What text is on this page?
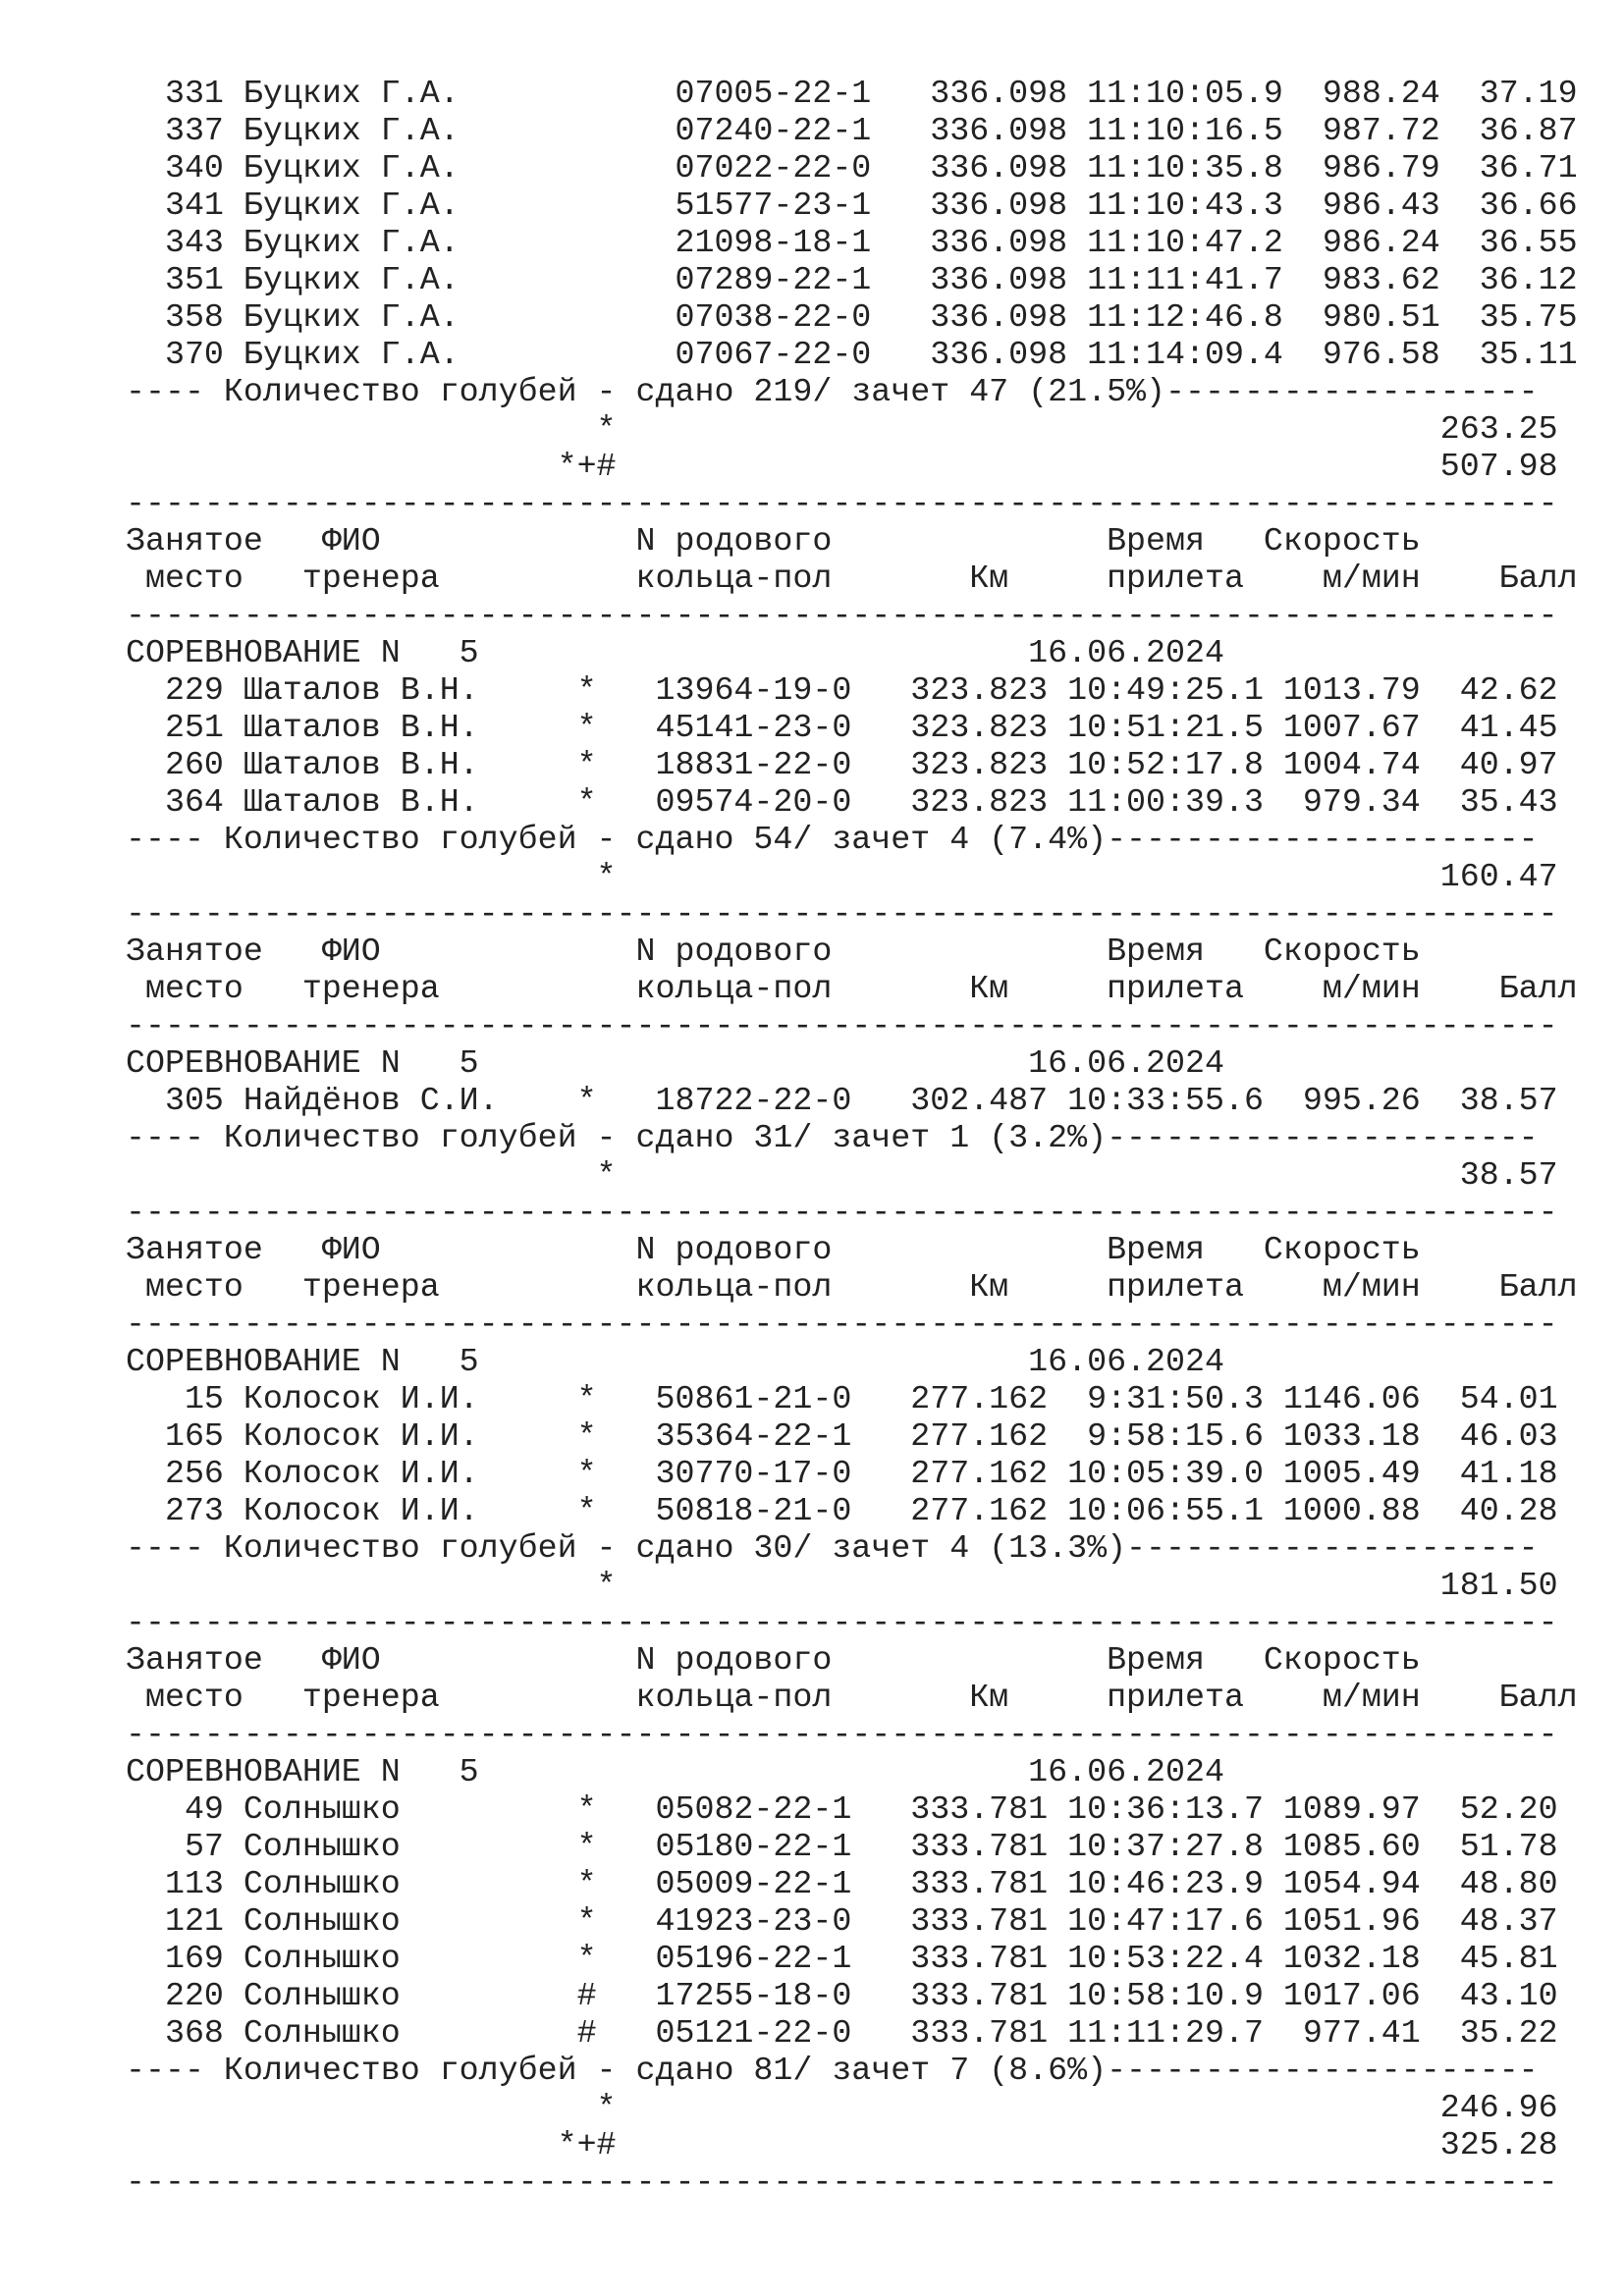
331 Буцких Г.А.           07005-22-1   336.098 11:10:05.9  988.24  37.19
337 Буцких Г.А.           07240-22-1   336.098 11:10:16.5  987.72  36.87
340 Буцких Г.А.           07022-22-0   336.098 11:10:35.8  986.79  36.71
341 Буцких Г.А.           51577-23-1   336.098 11:10:43.3  986.43  36.66
343 Буцких Г.А.           21098-18-1   336.098 11:10:47.2  986.24  36.55
351 Буцких Г.А.           07289-22-1   336.098 11:11:41.7  983.62  36.12
358 Буцких Г.А.           07038-22-0   336.098 11:12:46.8  980.51  35.75
370 Буцких Г.А.           07067-22-0   336.098 11:14:09.4  976.58  35.11
---- Количество голубей - сдано 219/ зачет 47 (21.5%)-------------------
*                                          263.25
*+#                                          507.98
-------------------------------------------------------------------------
Занятое   ФИО             N родового              Время   Скорость
место   тренера          кольца-пол       Км     прилета    м/мин    Балл
-------------------------------------------------------------------------
СОРЕВНОВАНИЕ N   5                            16.06.2024
229 Шаталов В.Н.     *   13964-19-0   323.823 10:49:25.1 1013.79  42.62
251 Шаталов В.Н.     *   45141-23-0   323.823 10:51:21.5 1007.67  41.45
260 Шаталов В.Н.     *   18831-22-0   323.823 10:52:17.8 1004.74  40.97
364 Шаталов В.Н.     *   09574-20-0   323.823 11:00:39.3  979.34  35.43
---- Количество голубей - сдано 54/ зачет 4 (7.4%)----------------------
*                                          160.47
-------------------------------------------------------------------------
Занятое   ФИО             N родового              Время   Скорость
место   тренера          кольца-пол       Км     прилета    м/мин    Балл
-------------------------------------------------------------------------
СОРЕВНОВАНИЕ N   5                            16.06.2024
305 Найдёнов С.И.    *   18722-22-0   302.487 10:33:55.6  995.26  38.57
---- Количество голубей - сдано 31/ зачет 1 (3.2%)----------------------
*                                           38.57
-------------------------------------------------------------------------
Занятое   ФИО             N родового              Время   Скорость
место   тренера          кольца-пол       Км     прилета    м/мин    Балл
-------------------------------------------------------------------------
СОРЕВНОВАНИЕ N   5                            16.06.2024
15 Колосок И.И.     *   50861-21-0   277.162  9:31:50.3 1146.06  54.01
165 Колосок И.И.     *   35364-22-1   277.162  9:58:15.6 1033.18  46.03
256 Колосок И.И.     *   30770-17-0   277.162 10:05:39.0 1005.49  41.18
273 Колосок И.И.     *   50818-21-0   277.162 10:06:55.1 1000.88  40.28
---- Количество голубей - сдано 30/ зачет 4 (13.3%)---------------------
*                                          181.50
-------------------------------------------------------------------------
Занятое   ФИО             N родового              Время   Скорость
место   тренера          кольца-пол       Км     прилета    м/мин    Балл
-------------------------------------------------------------------------
СОРЕВНОВАНИЕ N   5                            16.06.2024
49 Солнышко         *   05082-22-1   333.781 10:36:13.7 1089.97  52.20
57 Солнышко         *   05180-22-1   333.781 10:37:27.8 1085.60  51.78
113 Солнышко         *   05009-22-1   333.781 10:46:23.9 1054.94  48.80
121 Солнышко         *   41923-23-0   333.781 10:47:17.6 1051.96  48.37
169 Солнышко         *   05196-22-1   333.781 10:53:22.4 1032.18  45.81
220 Солнышко         #   17255-18-0   333.781 10:58:10.9 1017.06  43.10
368 Солнышко         #   05121-22-0   333.781 11:11:29.7  977.41  35.22
---- Количество голубей - сдано 81/ зачет 7 (8.6%)----------------------
*                                          246.96
*+#                                          325.28
-------------------------------------------------------------------------
